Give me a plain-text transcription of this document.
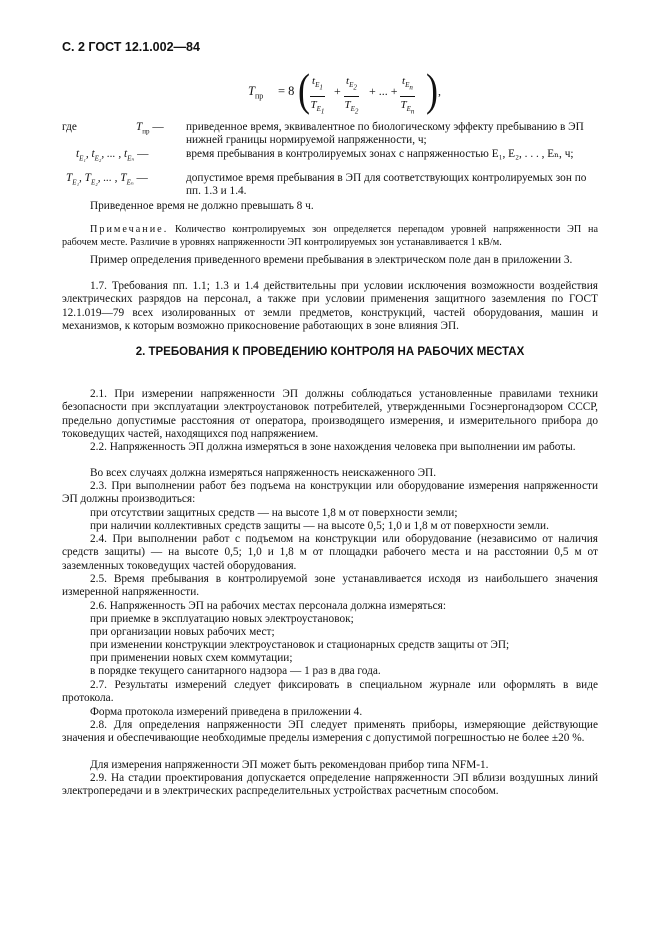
С. 2 ГОСТ 12.1.002—84
$T_{пр} = 8$ ( $\frac{t_{E_1}}{T_{E_1}} + \frac{t_{E_2}}{T_{E_2}}$ + ... +
$t_{E_n}$
$T_{E_n}$ ) ,
где	$T_{пр}$ — приведенное время, эквивалентное по биологическому эффекту пребыванию в ЭП нижней границы нормируемой напряженности, ч;
$t_{E_1}$, $t_{E_2}$, ... , $t_{E_n}$ —	время пребывания в контролируемых зонах с напряженностью E₁, E₂, . . . , Eₙ, ч;
$T_{E_1}$, $T_{E_2}$, ... , $T_{E_n}$ —	допустимое время пребывания в ЭП для соответствующих контролируемых зон по пп. 1.3 и 1.4.
Приведенное время не должно превышать 8 ч.
Примечание. Количество контролируемых зон определяется перепадом уровней напряженности ЭП на рабочем месте. Различие в уровнях напряженности ЭП контролируемых зон устанавливается 1 кВ/м.
Пример определения приведенного времени пребывания в электрическом поле дан в приложении 3.
1.7. Требования пп. 1.1; 1.3 и 1.4 действительны при условии исключения возможности воздействия электрических разрядов на персонал, а также при условии применения защитного заземления по ГОСТ 12.1.019—79 всех изолированных от земли предметов, конструкций, частей оборудования, машин и механизмов, к которым возможно прикосновение работающих в зоне влияния ЭП.
2. ТРЕБОВАНИЯ К ПРОВЕДЕНИЮ КОНТРОЛЯ НА РАБОЧИХ МЕСТАХ
2.1. При измерении напряженности ЭП должны соблюдаться установленные правилами техники безопасности при эксплуатации электроустановок потребителей, утвержденными Госэнергонадзором СССР, предельно допустимые расстояния от оператора, производящего измерения, и измерительного прибора до токоведущих частей, находящихся под напряжением.
2.2. Напряженность ЭП должна измеряться в зоне нахождения человека при выполнении им работы.
Во всех случаях должна измеряться напряженность неискаженного ЭП.
2.3. При выполнении работ без подъема на конструкции или оборудование измерения напряженности ЭП должны производиться:
при отсутствии защитных средств — на высоте 1,8 м от поверхности земли;
при наличии коллективных средств защиты — на высоте 0,5; 1,0 и 1,8 м от поверхности земли.
2.4. При выполнении работ с подъемом на конструкции или оборудование (независимо от наличия средств защиты) — на высоте 0,5; 1,0 и 1,8 м от площадки рабочего места и на расстоянии 0,5 м от заземленных токоведущих частей оборудования.
2.5. Время пребывания в контролируемой зоне устанавливается исходя из наибольшего значения измеренной напряженности.
2.6. Напряженность ЭП на рабочих местах персонала должна измеряться:
при приемке в эксплуатацию новых электроустановок;
при организации новых рабочих мест;
при изменении конструкции электроустановок и стационарных средств защиты от ЭП;
при применении новых схем коммутации;
в порядке текущего санитарного надзора — 1 раз в два года.
2.7. Результаты измерений следует фиксировать в специальном журнале или оформлять в виде протокола.
Форма протокола измерений приведена в приложении 4.
2.8. Для определения напряженности ЭП следует применять приборы, измеряющие действующие значения и обеспечивающие необходимые пределы измерения с допустимой погрешностью не более ±20 %.
Для измерения напряженности ЭП может быть рекомендован прибор типа NFM-1.
2.9. На стадии проектирования допускается определение напряженности ЭП вблизи воздушных линий электропередачи и в электрических распределительных устройствах расчетным способом.
